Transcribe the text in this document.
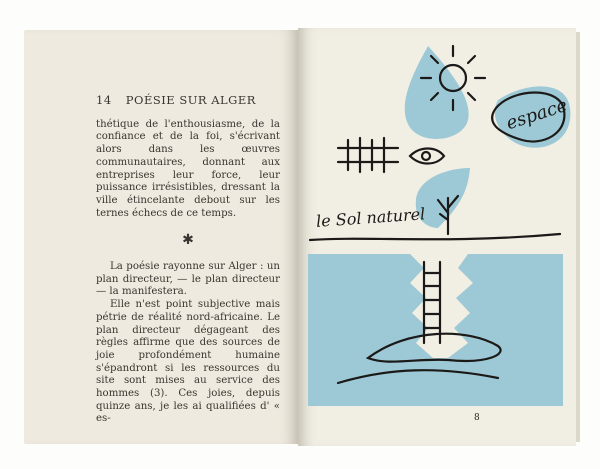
14 POÉSIE SUR ALGER

thétique de l'enthousiasme, de la confiance et de la foi, s'écrivant alors dans les œuvres communautaires, donnant aux entreprises leur force, leur puissance irrésistibles, dressant la ville étincelante debout sur les ternes échecs de ce temps.

✱

La poésie rayonne sur Alger : un plan directeur, — le plan directeur — la manifestera.

Elle n'est point subjective mais pétrie de réalité nord-africaine. Le plan directeur dégageant des règles affirme que des sources de joie profondément humaine s'épandront si les ressources du site sont mises au service des hommes (3). Ces joies, depuis quinze ans, je les ai qualifiées d' « es-

espace
le Sol naturel
8
